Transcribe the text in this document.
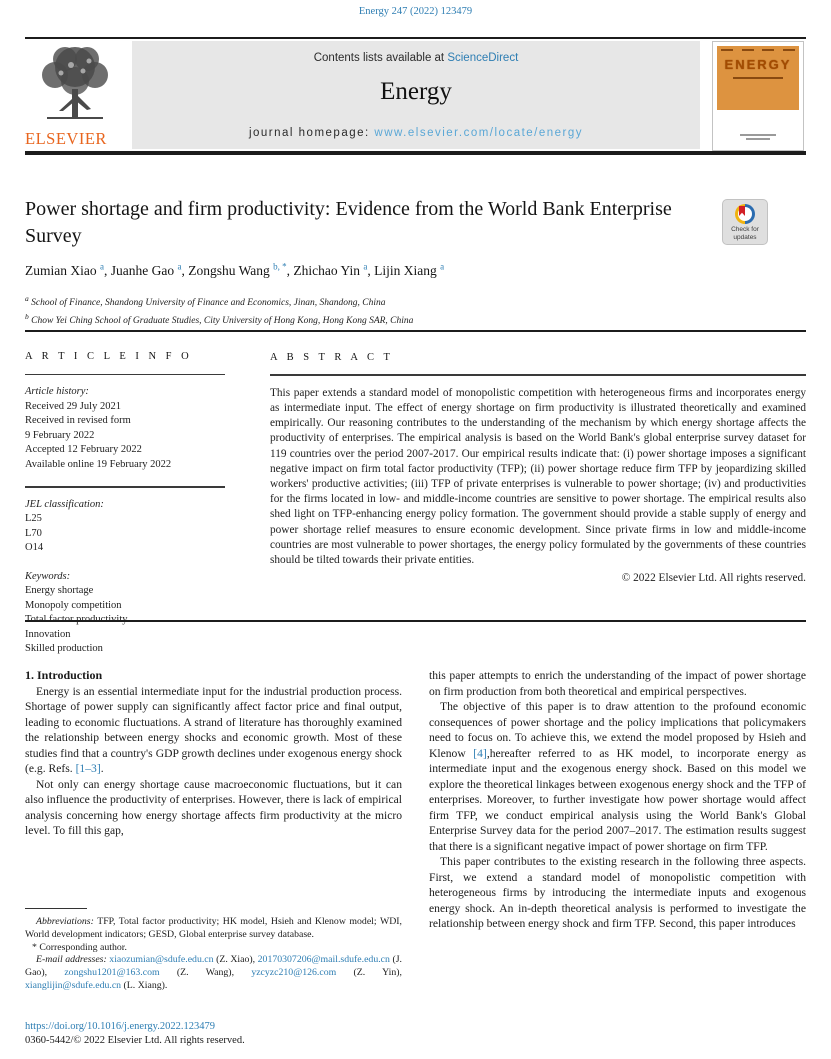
Energy 247 (2022) 123479
ELSEVIER
Contents lists available at ScienceDirect
Energy
journal homepage: www.elsevier.com/locate/energy
ENERGY
Power shortage and firm productivity: Evidence from the World Bank Enterprise Survey	Check for updates
Zumian Xiao $^a$, Juanhe Gao $^a$, Zongshu Wang $^{b, *}$, Zhichao Yin $^a$, Lijin Xiang $^a$
$^a$ School of Finance, Shandong University of Finance and Economics, Jinan, Shandong, China
$^b$ Chow Yei Ching School of Graduate Studies, City University of Hong Kong, Hong Kong SAR, China
A R T I C L E I N F O
Article history:
Received 29 July 2021
Received in revised form
9 February 2022
Accepted 12 February 2022
Available online 19 February 2022
JEL classification:
L25
L70
O14
Keywords:
Energy shortage
Monopoly competition
Innovation
Skilled production
A B S T R A C T
This paper extends a standard model of monopolistic competition with heterogeneous firms and incorporates energy as intermediate input. The effect of energy shortage on firm productivity is illustrated theoretically and examined empirically. Our reasoning contributes to the understanding of the mechanism by which energy shortage affects the productivity of enterprises. The empirical analysis is based on the World Bank's global enterprise survey dataset for 119 countries over the period 2007-2017. Our empirical results indicate that: (i) power shortage imposes a significant negative impact on firm total factor productivity (TFP); (ii) power shortage reduce firm TFP by jeopardizing skilled workers' productive activities; (iii) TFP of private enterprises is vulnerable to power shortage; (iv) and productivities for the firms located in low- and middle-income countries are sensitive to power shortage. The empirical results also shed light on TFP-enhancing energy policy formation. The government should provide a stable supply of energy and power shortage relief measures to ensure economic development. Since private firms in low and middle-income countries are most vulnerable to power shortages, the energy policy formulated by the governments of these countries should be tilted towards their private entities.
© 2022 Elsevier Ltd. All rights reserved.

1. Introduction

Energy is an essential intermediate input for the industrial production process. Shortage of power supply can significantly affect factor price and final output, leading to economic fluctuations. A strand of literature has thoroughly examined the relationship between energy shocks and economic growth. Most of these studies find that a country's GDP growth declines under exogenous energy shock (e.g. Refs. [1–3].

Not only can energy shortage cause macroeconomic fluctuations, but it can also influence the productivity of enterprises. However, there is lack of empirical analysis concerning how energy shortage affects firm productivity at the micro level. To fill this gap,

this paper attempts to enrich the understanding of the impact of power shortage on firm production from both theoretical and empirical perspectives.

The objective of this paper is to draw attention to the profound economic consequences of power shortage and the policy implications that policymakers need to focus on. To achieve this, we extend the model proposed by Hsieh and Klenow [4],hereafter referred to as HK model, to incorporate energy as intermediate input and the exogenous energy shock. Based on this model we explore the theoretical linkages between exogenous energy shock and the TFP of enterprises. Moreover, to further investigate how power shortage would affect firm TFP, we conduct empirical analysis using the World Bank's Global Enterprise Survey data for the period 2007–2017. The estimation results suggest that there is a significant negative impact of power shortage on firm TFP.

This paper contributes to the existing research in the following three aspects. First, we extend a standard model of monopolistic competition with heterogeneous firms by introducing the intermediate inputs and exogenous energy shock. An in-depth theoretical analysis is performed to investigate the relationship between energy shock and firm TFP. Second, this paper introduces

Abbreviations: TFP, Total factor productivity; HK model, Hsieh and Klenow model; WDI, World development indicators; GESD, Global enterprise survey database.

* Corresponding author.

E-mail addresses: xiaozumian@sdufe.edu.cn (Z. Xiao), 20170307206@mail.sdufe.edu.cn (J. Gao), zongshu1201@163.com (Z. Wang), yzcyzc210@126.com (Z. Yin), xianglijin@sdufe.edu.cn (L. Xiang).

https://doi.org/10.1016/j.energy.2022.123479
0360-5442/© 2022 Elsevier Ltd. All rights reserved.
